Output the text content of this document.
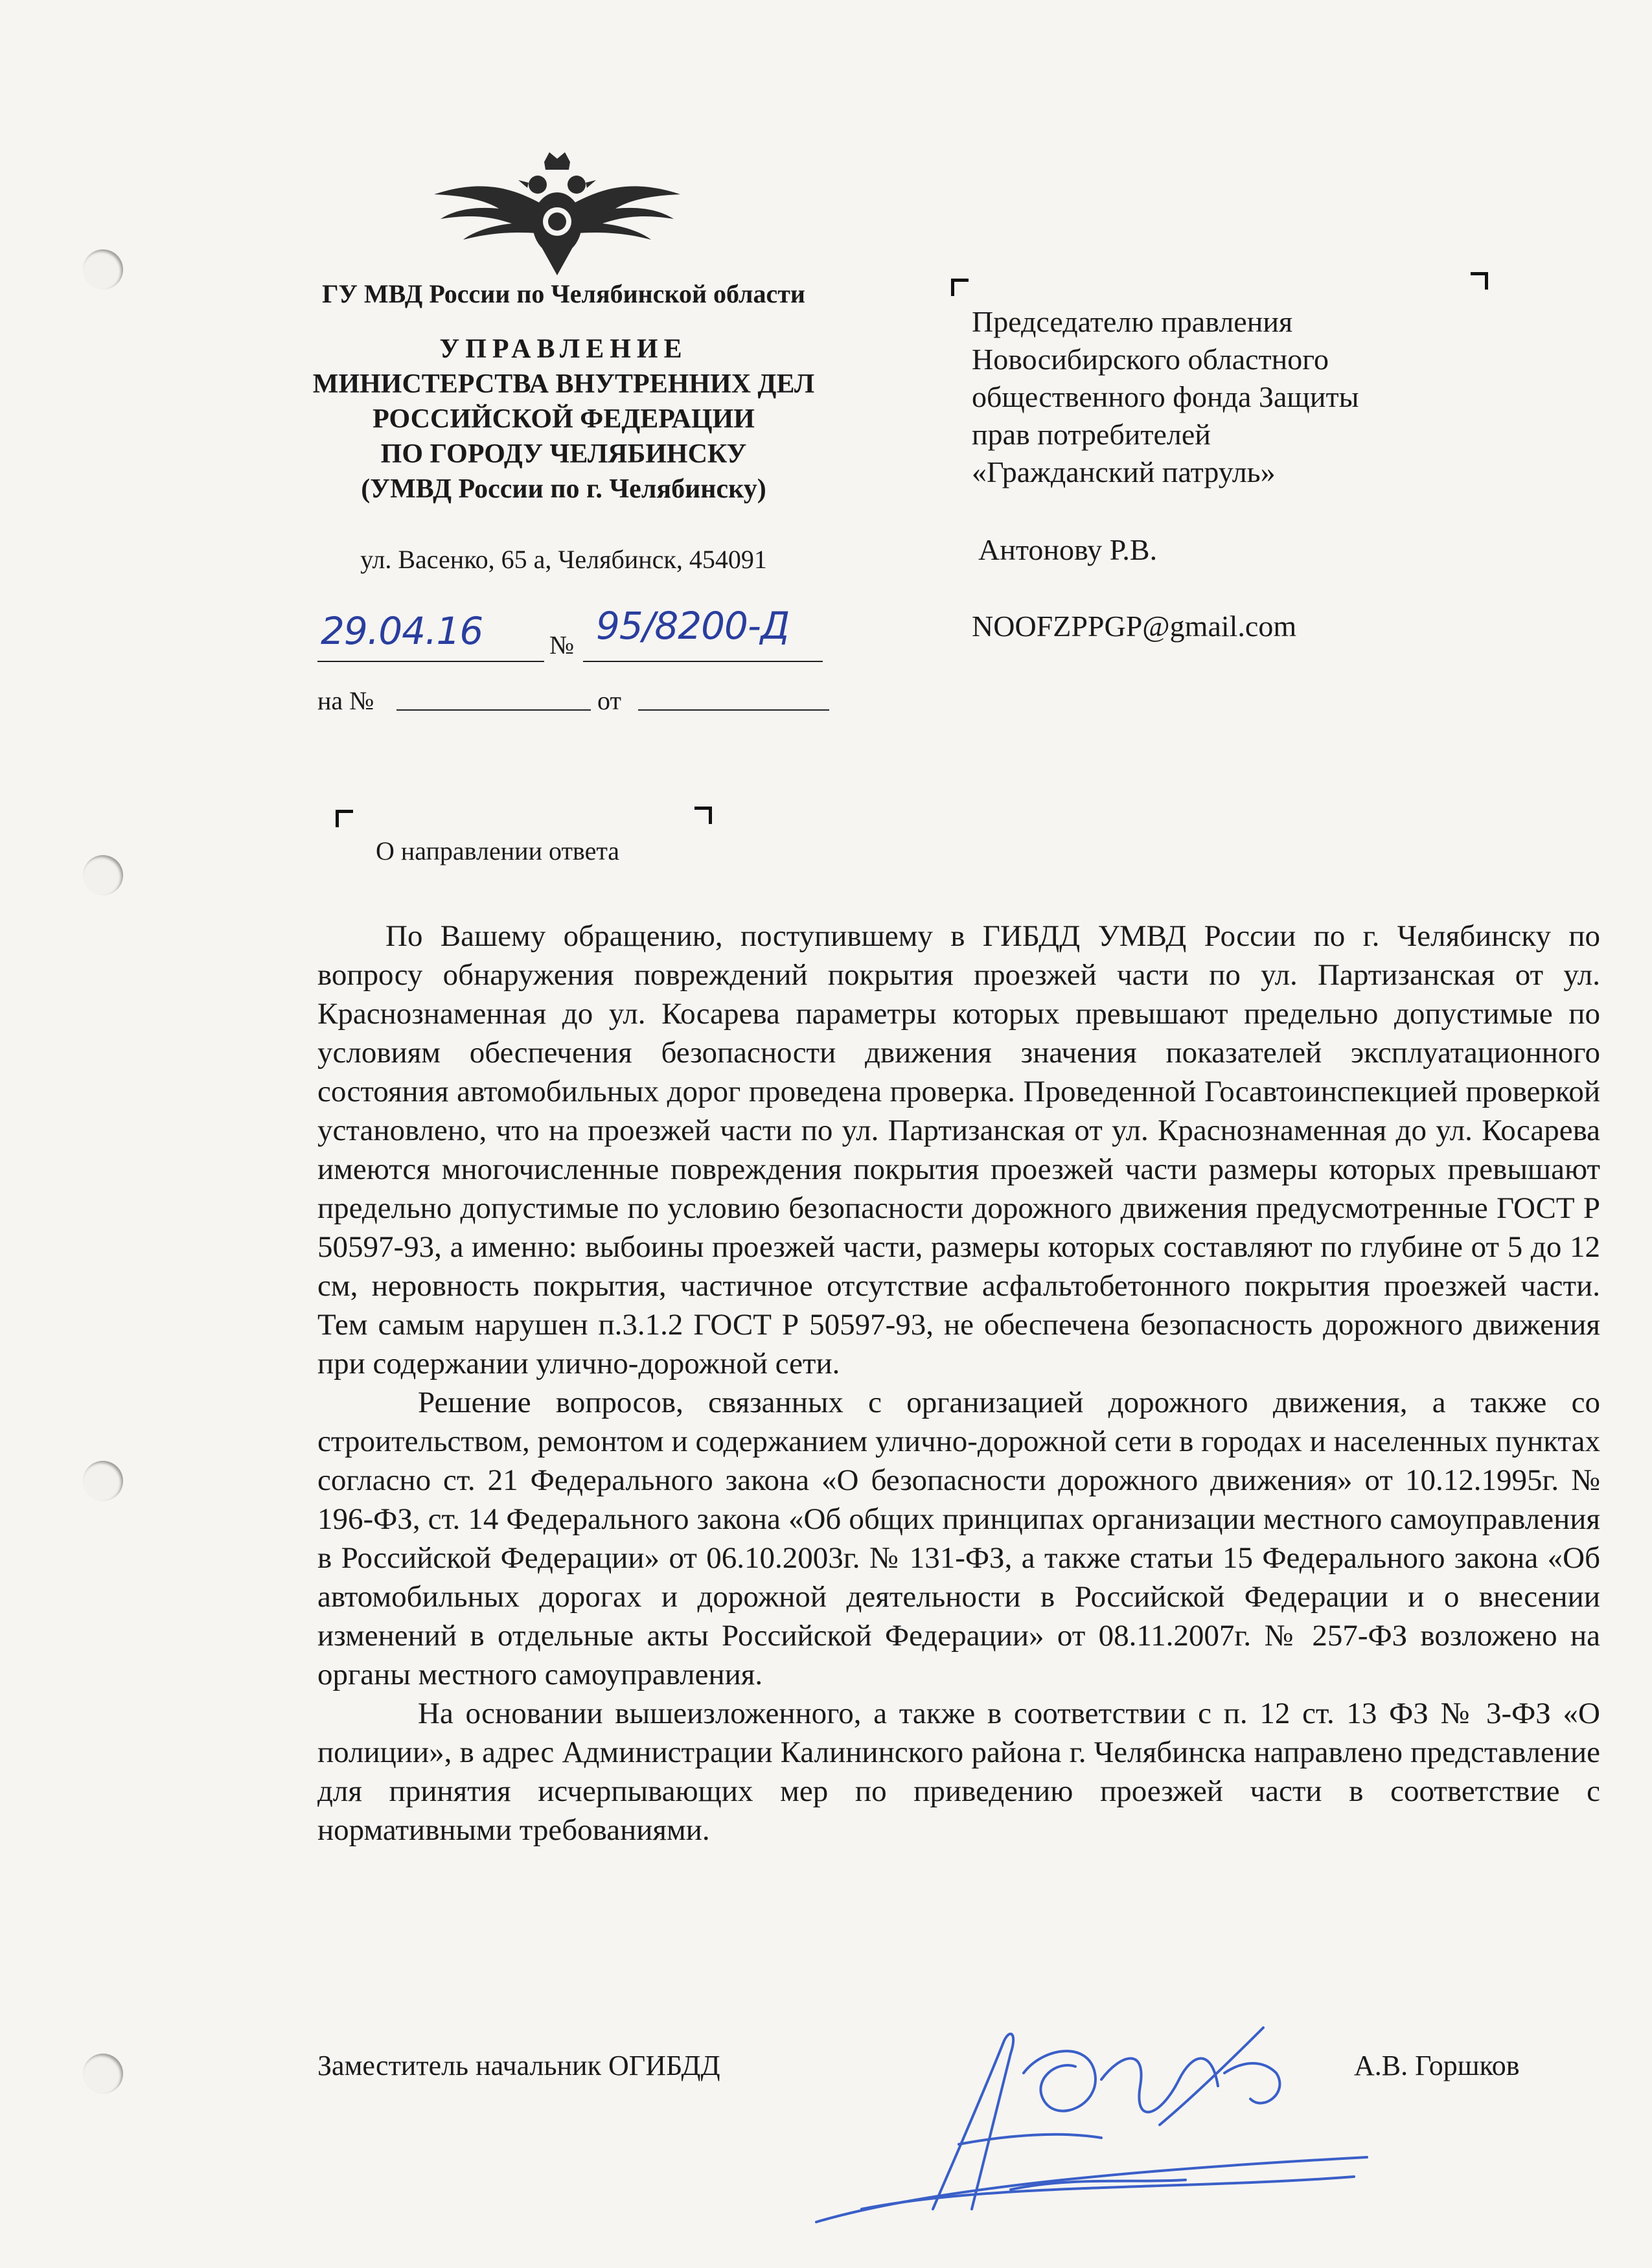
ГУ МВД России по Челябинской области
УПРАВЛЕНИЕ
МИНИСТЕРСТВА ВНУТРЕННИХ ДЕЛ
РОССИЙСКОЙ ФЕДЕРАЦИИ
ПО ГОРОДУ ЧЕЛЯБИНСКУ
(УМВД России по г. Челябинску)
ул. Васенко, 65 а, Челябинск, 454091
29.04.16	№ 95/8200-Д
на №	от
Председателю правления
Новосибирского областного
общественного фонда Защиты
прав потребителей
«Гражданский патруль»
Антонову Р.В.
NOOFZPPGP@gmail.com
О направлении ответа

По Вашему обращению, поступившему в ГИБДД УМВД России по г. Челябинску по вопросу обнаружения повреждений покрытия проезжей части по ул. Партизанская от ул. Краснознаменная до ул. Косарева параметры которых превышают предельно допустимые по условиям обеспечения безопасности движения значения показателей эксплуатационного состояния автомобильных дорог проведена проверка. Проведенной Госавтоинспекцией проверкой установлено, что на проезжей части по ул. Партизанская от ул. Краснознаменная до ул. Косарева имеются многочисленные повреждения покрытия проезжей части размеры которых превышают предельно допустимые по условию безопасности дорожного движения предусмотренные ГОСТ Р 50597-93, а именно: выбоины проезжей части, размеры которых составляют по глубине от 5 до 12 см, неровность покрытия, частичное отсутствие асфальтобетонного покрытия проезжей части. Тем самым нарушен п.3.1.2 ГОСТ Р 50597-93, не обеспечена безопасность дорожного движения при содержании улично-дорожной сети.

Решение вопросов, связанных с организацией дорожного движения, а также со строительством, ремонтом и содержанием улично-дорожной сети в городах и населенных пунктах согласно ст. 21 Федерального закона «О безопасности дорожного движения» от 10.12.1995г. № 196-ФЗ, ст. 14 Федерального закона «Об общих принципах организации местного самоуправления в Российской Федерации» от 06.10.2003г. № 131-ФЗ, а также статьи 15 Федерального закона «Об автомобильных дорогах и дорожной деятельности в Российской Федерации и о внесении изменений в отдельные акты Российской Федерации» от 08.11.2007г. № 257-ФЗ возложено на органы местного самоуправления.

На основании вышеизложенного, а также в соответствии с п. 12 ст. 13 ФЗ № 3-ФЗ «О полиции», в адрес Администрации Калининского района г. Челябинска направлено представление для принятия исчерпывающих мер по приведению проезжей части в соответствие с нормативными требованиями.

Заместитель начальник ОГИБДД	А.В. Горшков
